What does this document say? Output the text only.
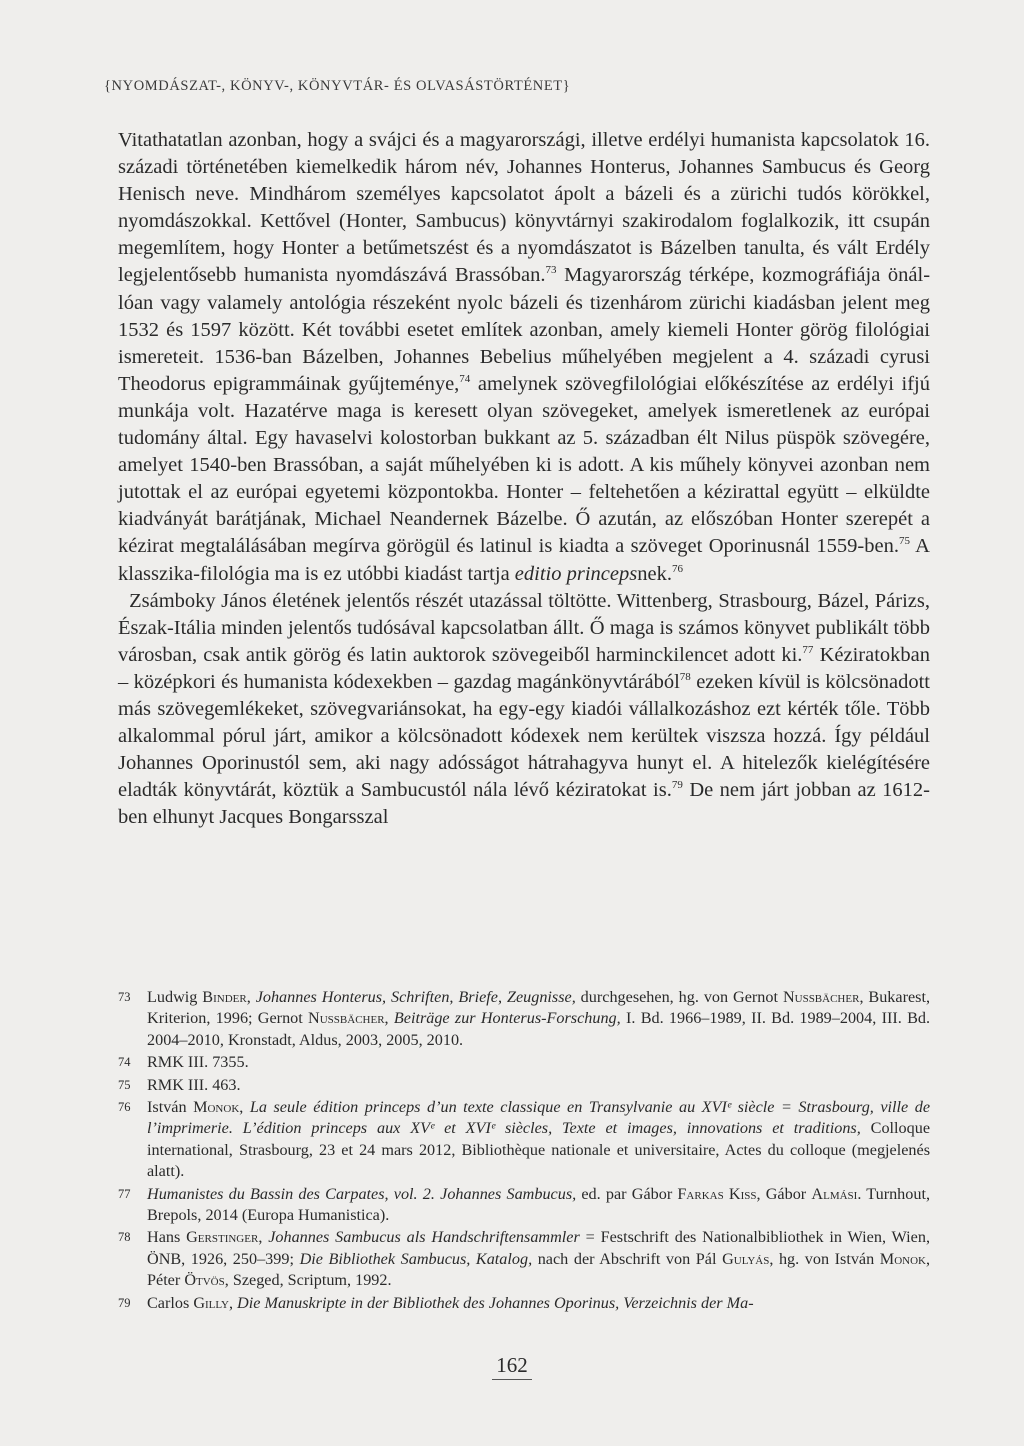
{NYOMDÁSZAT-, KÖNYV-, KÖNYVTÁR- ÉS OLVASÁSTÖRTÉNET}

Vitathatatlan azonban, hogy a svájci és a magyarországi, illetve erdélyi humanista kapcsolatok 16. századi történetében kiemelkedik három név, Johannes Honterus, Johannes Sambucus és Georg Henisch neve. Mindhárom személyes kapcsolatot ápolt a bázeli és a zürichi tudós körökkel, nyomdászokkal. Kettővel (Honter, Sambucus) könyvtárnyi szakirodalom foglalkozik, itt csupán megemlítem, hogy Honter a betűmetszést és a nyomdászatot is Bázelben tanulta, és vált Erdély legjelentősebb humanista nyomdászává Brassóban.$^{73}$ Magyarország térképe, kozmográfiája önállóan vagy valamely antológia részeként nyolc bázeli és tizenhárom zürichi kiadásban jelent meg 1532 és 1597 között. Két további esetet említek azonban, amely kiemeli Honter görög filológiai ismereteit. 1536-ban Bázelben, Johannes Bebelius műhelyében megjelent a 4. századi cyrusi Theodorus epigrammáinak gyűjteménye,$^{74}$ amelynek szövegfilológiai előkészítése az erdélyi ifjú munkája volt. Hazatérve maga is keresett olyan szövegeket, amelyek ismeretlenek az európai tudomány által. Egy havaselvi kolostorban bukkant az 5. században élt Nilus püspök szövegére, amelyet 1540-ben Brassóban, a saját műhelyében ki is adott. A kis műhely könyvei azonban nem jutottak el az európai egyetemi központokba. Honter – feltehetően a kézirattal együtt – elküldte kiadványát barátjának, Michael Neandernek Bázelbe. Ő azután, az előszóban Honter szerepét a kézirat megtalálásában megírva görögül és latinul is kiadta a szöveget Oporinusnál 1559-ben.$^{75}$ A klasszika-filológia ma is ez utóbbi kiadást tartja editio princepsnek.$^{76}$

Zsámboky János életének jelentős részét utazással töltötte. Wittenberg, Strasbourg, Bázel, Párizs, Észak-Itália minden jelentős tudósával kapcsolatban állt. Ő maga is számos könyvet publikált több városban, csak antik görög és latin auktorok szövegeiből harminckilencet adott ki.$^{77}$ Kéziratokban – középkori és humanista kódexekben – gazdag magánkönyvtárából$^{78}$ ezeken kívül is kölcsönadott más szövegemlékeket, szövegvariánsokat, ha egy-egy kiadói vállalkozáshoz ezt kérték tőle. Több alkalommal pórul járt, amikor a kölcsönadott kódexek nem kerültek viszsza hozzá. Így például Johannes Oporinustól sem, aki nagy adósságot hátrahagyva hunyt el. A hitelezők kielégítésére eladták könyvtárát, köztük a Sambucustól nála lévő kéziratokat is.$^{79}$ De nem járt jobban az 1612-ben elhunyt Jacques Bongarsszal

73 Ludwig Binder, Johannes Honterus, Schriften, Briefe, Zeugnisse, durchgesehen, hg. von Gernot Nussbächer, Bukarest, Kriterion, 1996; Gernot Nussbächer, Beiträge zur Honterus-Forschung, I. Bd. 1966–1989, II. Bd. 1989–2004, III. Bd. 2004–2010, Kronstadt, Aldus, 2003, 2005, 2010.
74 RMK III. 7355.
75 RMK III. 463.
76 István Monok, La seule édition princeps d’un texte classique en Transylvanie au XVIᵉ siècle = Strasbourg, ville de l’imprimerie. L’édition princeps aux XVᵉ et XVIᵉ siècles, Texte et images, innovations et traditions, Colloque international, Strasbourg, 23 et 24 mars 2012, Bibliothèque nationale et universitaire, Actes du colloque (megjelenés alatt).
77 Humanistes du Bassin des Carpates, vol. 2. Johannes Sambucus, ed. par Gábor Farkas Kiss, Gábor Almási. Turnhout, Brepols, 2014 (Europa Humanistica).
78 Hans Gerstinger, Johannes Sambucus als Handschriftensammler = Festschrift des Nationalbibliothek in Wien, Wien, ÖNB, 1926, 250–399; Die Bibliothek Sambucus, Katalog, nach der Abschrift von Pál Gulyás, hg. von István Monok, Péter Ötvös, Szeged, Scriptum, 1992.
79 Carlos Gilly, Die Manuskripte in der Bibliothek des Johannes Oporinus, Verzeichnis der Ma-
162
